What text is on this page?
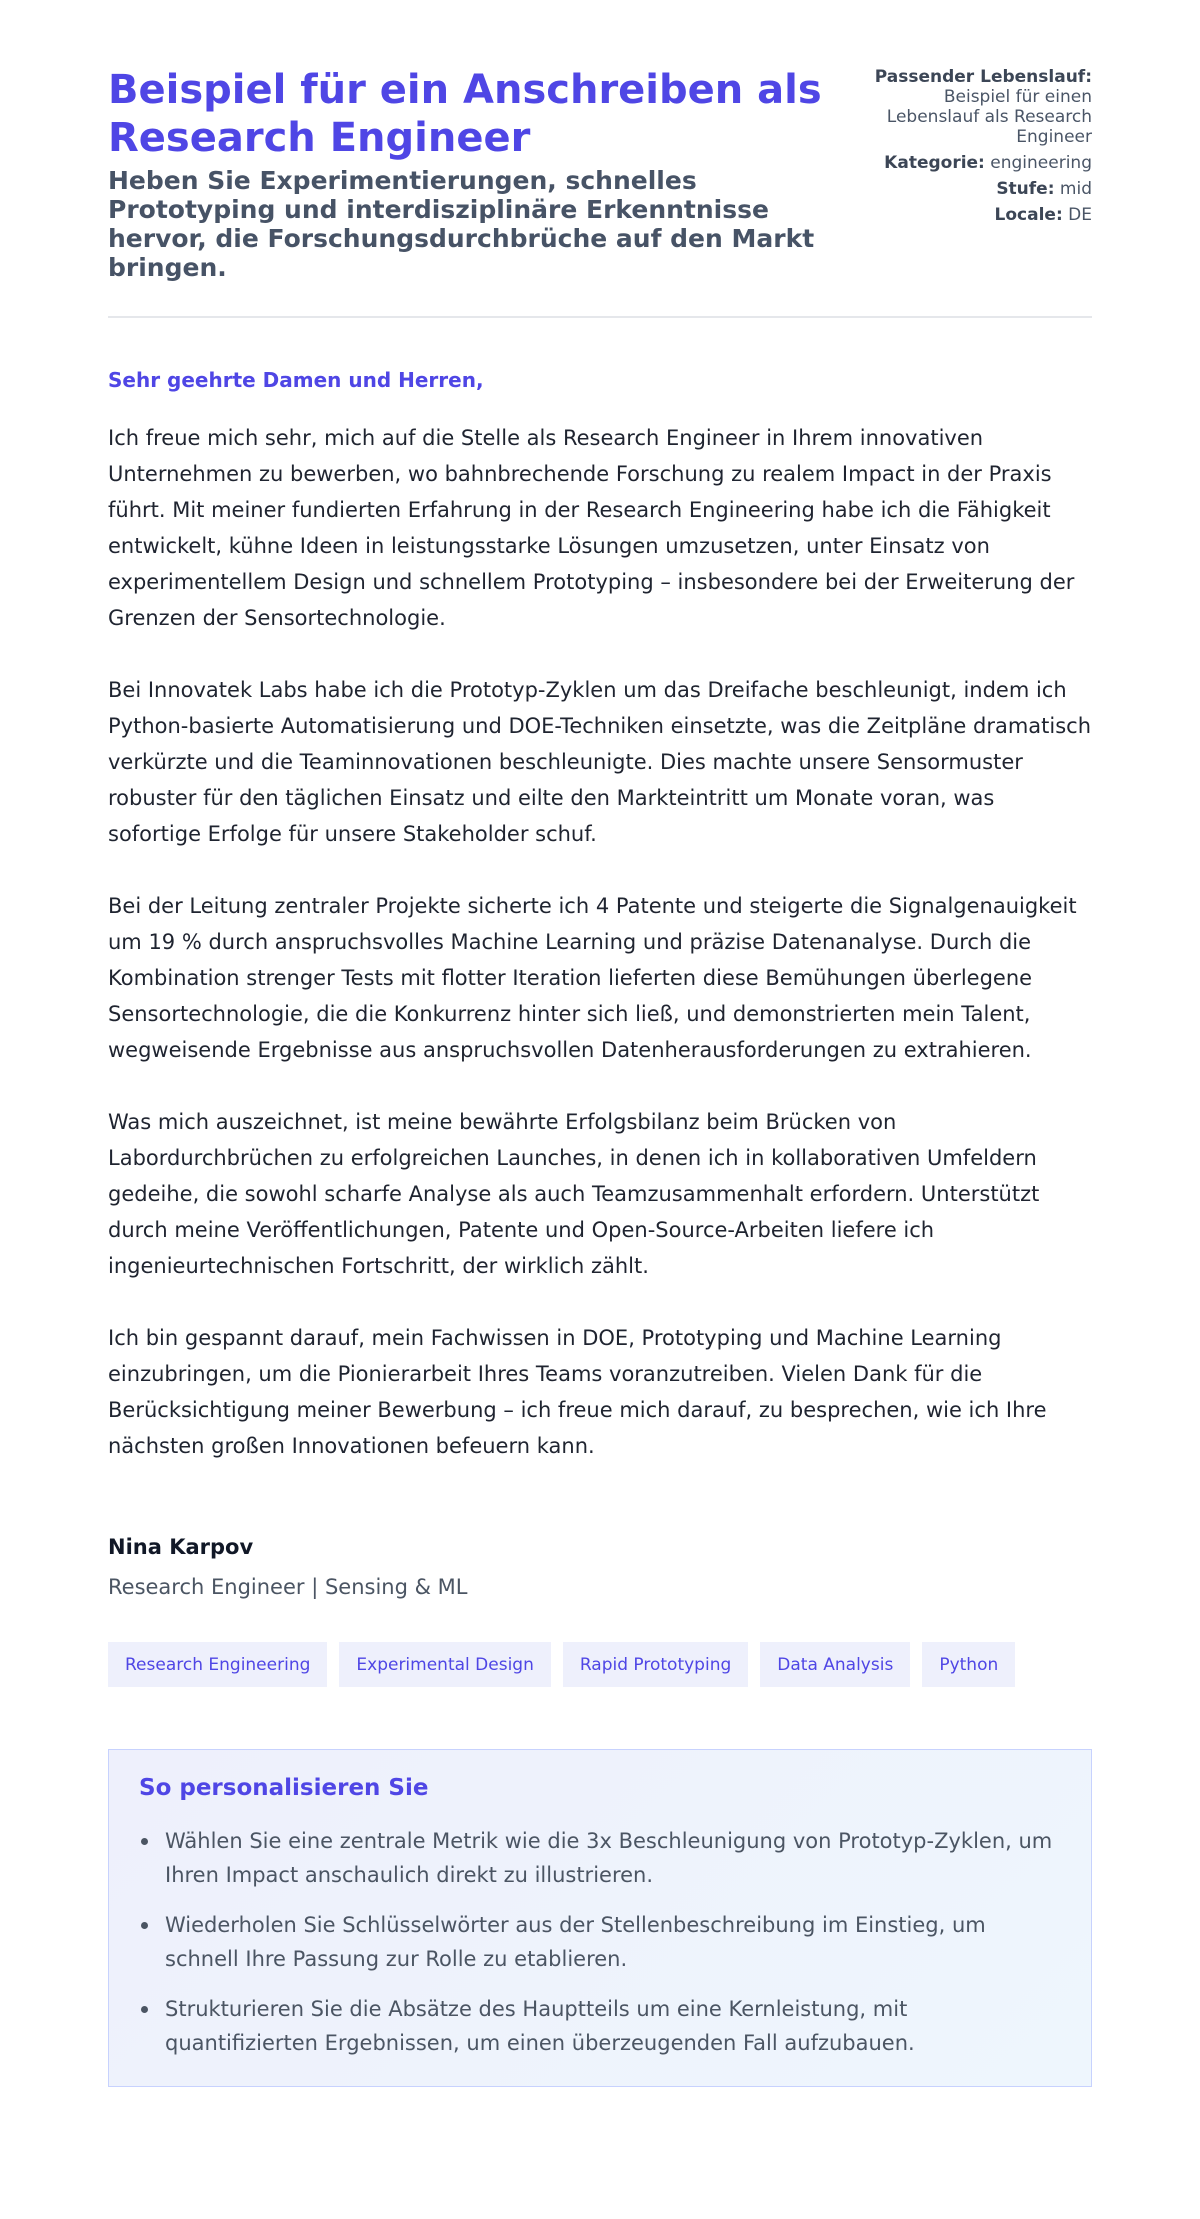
Beispiel für ein Anschreiben als Research Engineer
Heben Sie Experimentierungen, schnelles Prototyping und interdisziplinäre Erkenntnisse hervor, die Forschungsdurchbrüche auf den Markt bringen.
Passender Lebenslauf:
Beispiel für einen Lebenslauf als Research Engineer
Kategorie: engineering
Stufe: mid
Locale: DE
Sehr geehrte Damen und Herren,

Ich freue mich sehr, mich auf die Stelle als Research Engineer in Ihrem innovativen Unternehmen zu bewerben, wo bahnbrechende Forschung zu realem Impact in der Praxis führt. Mit meiner fundierten Erfahrung in der Research Engineering habe ich die Fähigkeit entwickelt, kühne Ideen in leistungsstarke Lösungen umzusetzen, unter Einsatz von experimentellem Design und schnellem Prototyping – insbesondere bei der Erweiterung der Grenzen der Sensortechnologie.

Bei Innovatek Labs habe ich die Prototyp-Zyklen um das Dreifache beschleunigt, indem ich Python-basierte Automatisierung und DOE-Techniken einsetzte, was die Zeitpläne dramatisch verkürzte und die Teaminnovationen beschleunigte. Dies machte unsere Sensormuster robuster für den täglichen Einsatz und eilte den Markteintritt um Monate voran, was sofortige Erfolge für unsere Stakeholder schuf.

Bei der Leitung zentraler Projekte sicherte ich 4 Patente und steigerte die Signalgenauigkeit um 19 % durch anspruchsvolles Machine Learning und präzise Datenanalyse. Durch die Kombination strenger Tests mit flotter Iteration lieferten diese Bemühungen überlegene Sensortechnologie, die die Konkurrenz hinter sich ließ, und demonstrierten mein Talent, wegweisende Ergebnisse aus anspruchsvollen Datenherausforderungen zu extrahieren.

Was mich auszeichnet, ist meine bewährte Erfolgsbilanz beim Brücken von Labordurchbrüchen zu erfolgreichen Launches, in denen ich in kollaborativen Umfeldern gedeihe, die sowohl scharfe Analyse als auch Teamzusammenhalt erfordern. Unterstützt durch meine Veröffentlichungen, Patente und Open-Source-Arbeiten liefere ich ingenieurtechnischen Fortschritt, der wirklich zählt.

Ich bin gespannt darauf, mein Fachwissen in DOE, Prototyping und Machine Learning einzubringen, um die Pionierarbeit Ihres Teams voranzutreiben. Vielen Dank für die Berücksichtigung meiner Bewerbung – ich freue mich darauf, zu besprechen, wie ich Ihre nächsten großen Innovationen befeuern kann.

Nina Karpov
Research Engineer | Sensing & ML
Research Engineering	Experimental Design	Rapid Prototyping	Data Analysis	Python
So personalisieren Sie
Wählen Sie eine zentrale Metrik wie die 3x Beschleunigung von Prototyp-Zyklen, um Ihren Impact anschaulich direkt zu illustrieren.
Wiederholen Sie Schlüsselwörter aus der Stellenbeschreibung im Einstieg, um schnell Ihre Passung zur Rolle zu etablieren.
Strukturieren Sie die Absätze des Hauptteils um eine Kernleistung, mit quantifizierten Ergebnissen, um einen überzeugenden Fall aufzubauen.
